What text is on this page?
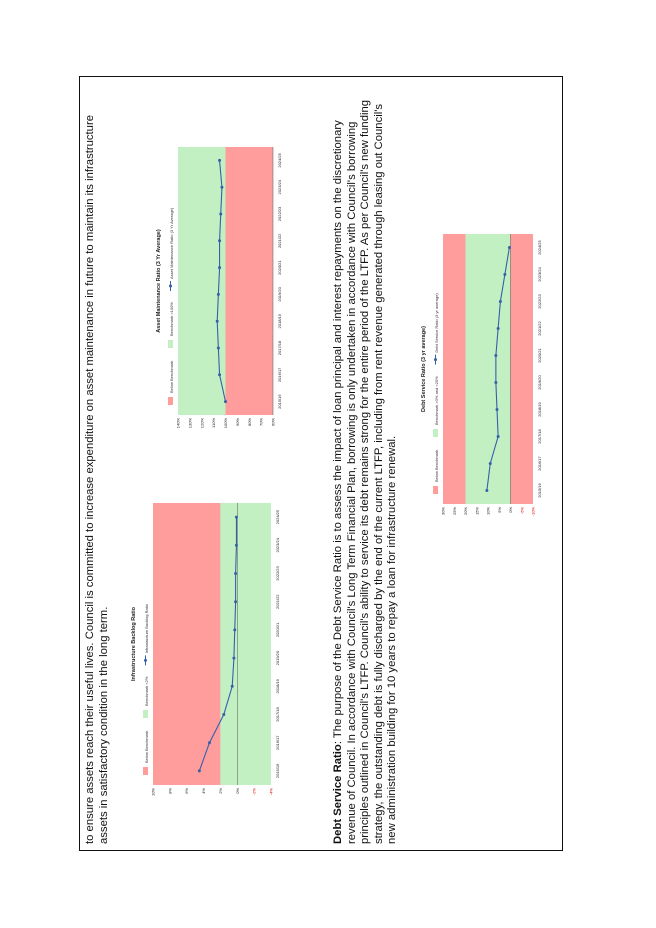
to ensure assets reach their useful lives. Council is committed to increase expenditure on asset maintenance in future to maintain its infrastructure assets in satisfactory condition in the long term.	Infrastructure Backlog Ratio
Below Benchmark
Benchmark <2%
Infrastructure Backlog Ratio
10%	8%	6%	4%	2%	0%	-2%	-4%
2015/16
2016/17
2017/18
2018/19
2019/20
2020/21
2021/22
2022/23
2023/24
2024/25
Asset Maintenance Ratio (3 Yr Average)
Below Benchmark
Benchmark >100%
Asset Maintenance Ratio (3 Yr Average)
140% 130% 120% 110% 100% 90% 80% 70% 60%
2015/16
2016/17
2017/18
2018/19
2019/20
2020/21
2021/22
2022/23
2023/24
2024/25

Debt Service Ratio: The purpose of the Debt Service Ratio is to assess the impact of loan principal and interest repayments on the discretionary revenue of Council. In accordance with Council's Long Term Financial Plan, borrowing is only undertaken in accordance with Council's borrowing principles outlined in Council's LTFP. Council's ability to service its debt remains strong for the entire period of the LTFP. As per Council's new funding strategy, the outstanding debt is fully discharged by the end of the current LTFP, including from rent revenue generated through leasing out Council's new administration building for 10 years to repay a loan for infrastructure renewal.

Debt Service Ratio (3 yr average)
Below Benchmark
Benchmark >0% and <20%
Debt Service Ratio (3 yr average)
30% 25% 20% 15% 10% 5% 0% -5% -10%
2015/16
2016/17
2017/18
2018/19
2019/20
2020/21
2021/22
2022/23
2023/24
2024/25
